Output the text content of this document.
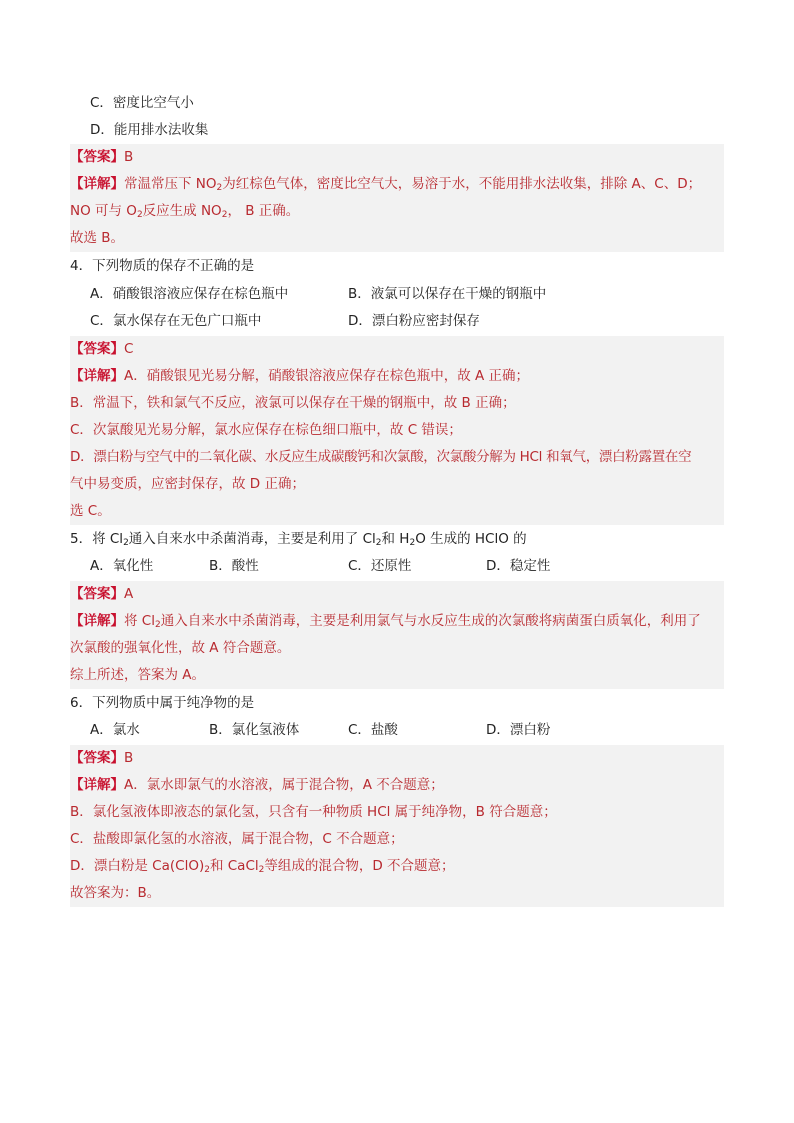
C．密度比空气小
D．能用排水法收集
【答案】B
【详解】常温常压下 $NO_2$为红棕色气体，密度比空气大，易溶于水，不能用排水法收集，排除 A、C、D；
NO 可与 $O_2$反应生成 $NO_2$， B 正确。
故选 B。
4．下列物质的保存不正确的是
A．硝酸银溶液应保存在棕色瓶中	B．液氯可以保存在干燥的钢瓶中
C．氯水保存在无色广口瓶中	D．漂白粉应密封保存
【答案】C
【详解】A．硝酸银见光易分解，硝酸银溶液应保存在棕色瓶中，故 A 正确；
B．常温下，铁和氯气不反应，液氯可以保存在干燥的钢瓶中，故 B 正确；
C．次氯酸见光易分解，氯水应保存在棕色细口瓶中，故 C 错误；
D．漂白粉与空气中的二氧化碳、水反应生成碳酸钙和次氯酸，次氯酸分解为 HCl 和氧气，漂白粉露置在空
气中易变质，应密封保存，故 D 正确；
选 C。
5．将 $Cl_2$通入自来水中杀菌消毒，主要是利用了 $Cl_2$和 $H_2O$ 生成的 HClO 的
A．氧化性	B．酸性	C．还原性	D．稳定性
【答案】A
【详解】将 $Cl_2$通入自来水中杀菌消毒，主要是利用氯气与水反应生成的次氯酸将病菌蛋白质氧化，利用了
次氯酸的强氧化性，故 A 符合题意。
综上所述，答案为 A。
6．下列物质中属于纯净物的是
A．氯水	B．氯化氢液体	C．盐酸	D．漂白粉
【答案】B
【详解】A．氯水即氯气的水溶液，属于混合物，A 不合题意；
B．氯化氢液体即液态的氯化氢，只含有一种物质 HCl 属于纯净物，B 符合题意；
C．盐酸即氯化氢的水溶液，属于混合物，C 不合题意；
D．漂白粉是 $Ca(ClO)_2$和 CaCl$_2$等组成的混合物，D 不合题意；
故答案为：B。
